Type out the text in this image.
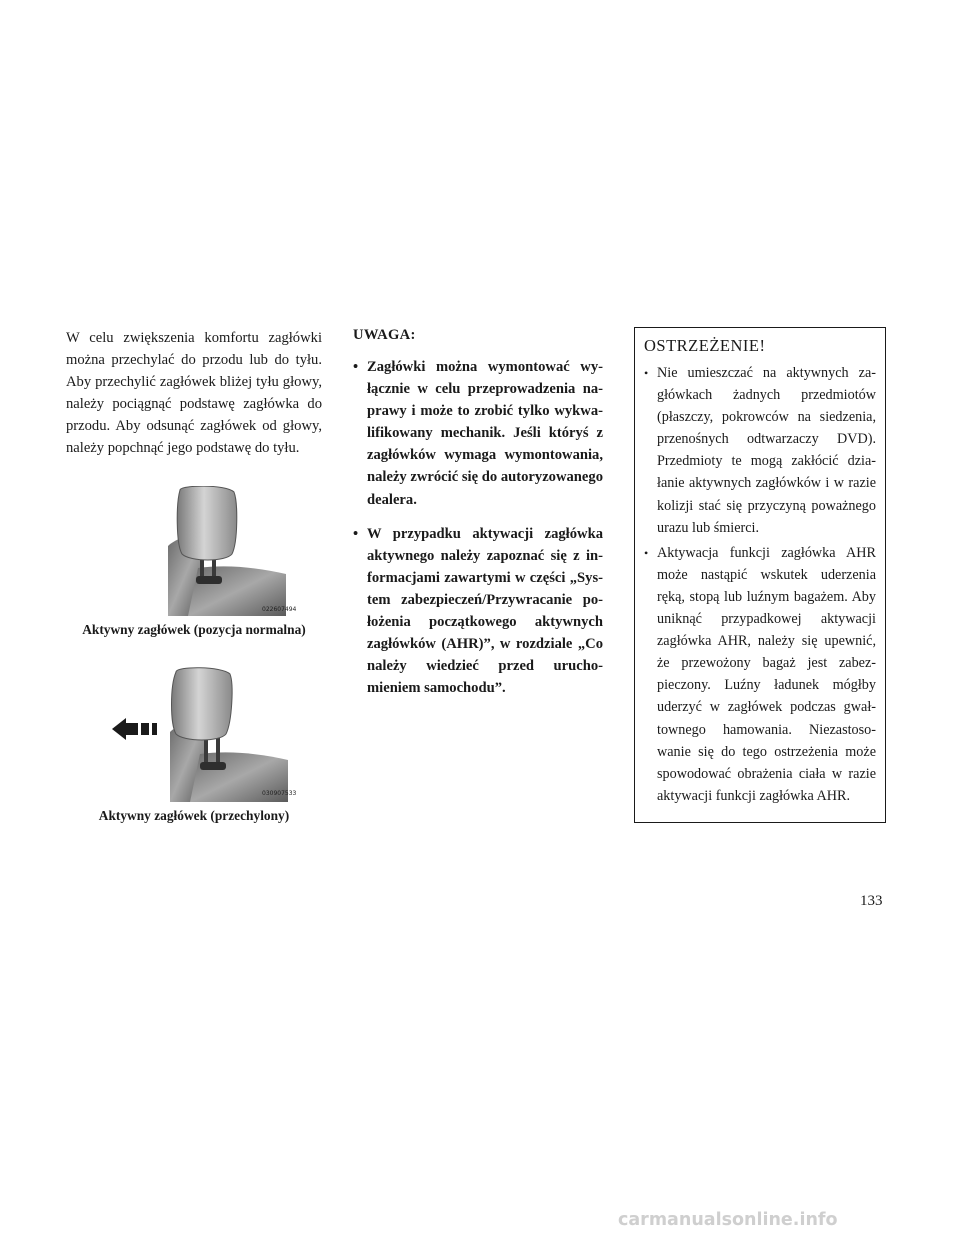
W celu zwiększenia komfortu zagłówki można przechylać do przodu lub do tyłu. Aby przechylić zagłówek bliżej tyłu głowy, należy pociągnąć podstawę zagłówka do przodu. Aby odsunąć zagłówek od głowy, należy popchnąć jego podstawę do tyłu.

022607494

Aktywny zagłówek (pozycja normalna)

030907533

Aktywny zagłówek (przechylony)

UWAGA:

• Zagłówki można wymontować wyłącznie w celu przeprowadzenia naprawy i może to zrobić tylko wykwalifikowany mechanik. Jeśli któryś z zagłówków wymaga wymontowania, należy zwrócić się do autoryzowanego dealera.
• W przypadku aktywacji zagłówka aktywnego należy zapoznać się z informacjami zawartymi w części „System zabezpieczeń/Przywracanie położenia początkowego aktywnych zagłówków (AHR)”, w rozdziale „Co należy wiedzieć przed uruchomieniem samochodu”.

OSTRZEŻENIE!

• Nie umieszczać na aktywnych zagłówkach żadnych przedmiotów (płaszczy, pokrowców na siedzenia, przenośnych odtwarzaczy DVD). Przedmioty te mogą zakłócić działanie aktywnych zagłówków i w razie kolizji stać się przyczyną poważnego urazu lub śmierci.
• Aktywacja funkcji zagłówka AHR może nastąpić wskutek uderzenia ręką, stopą lub luźnym bagażem. Aby uniknąć przypadkowej aktywacji zagłówka AHR, należy się upewnić, że przewożony bagaż jest zabezpieczony. Luźny ładunek mógłby uderzyć w zagłówek podczas gwałtownego hamowania. Niezastosowanie się do tego ostrzeżenia może spowodować obrażenia ciała w razie aktywacji funkcji zagłówka AHR.
133
carmanualsonline.info
